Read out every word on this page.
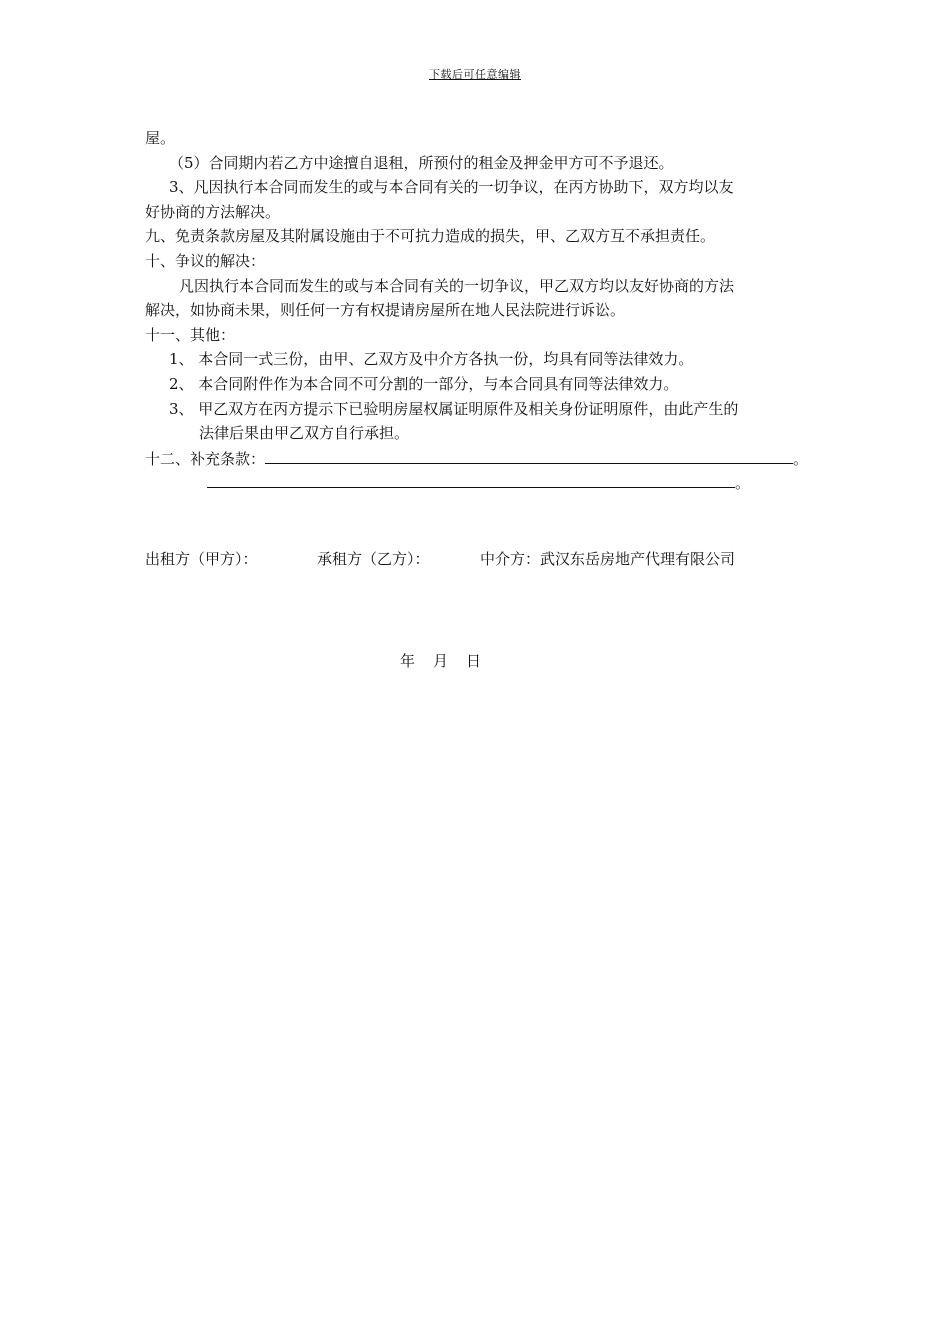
下载后可任意编辑
屋。
（5）合同期内若乙方中途擅自退租，所预付的租金及押金甲方可不予退还。
3、凡因执行本合同而发生的或与本合同有关的一切争议，在丙方协助下，双方均以友
好协商的方法解决。
九、免责条款房屋及其附属设施由于不可抗力造成的损失，甲、乙双方互不承担责任。
十、争议的解决：
凡因执行本合同而发生的或与本合同有关的一切争议，甲乙双方均以友好协商的方法
解决，如协商未果，则任何一方有权提请房屋所在地人民法院进行诉讼。
十一、其他：
1、 本合同一式三份，由甲、乙双方及中介方各执一份，均具有同等法律效力。
2、 本合同附件作为本合同不可分割的一部分，与本合同具有同等法律效力。
3、 甲乙双方在丙方提示下已验明房屋权属证明原件及相关身份证明原件，由此产生的
法律后果由甲乙双方自行承担。
十二、补充条款：	。
。
出租方（甲方）：	承租方（乙方）：	中介方：武汉东岳房地产代理有限公司
年 月 日
